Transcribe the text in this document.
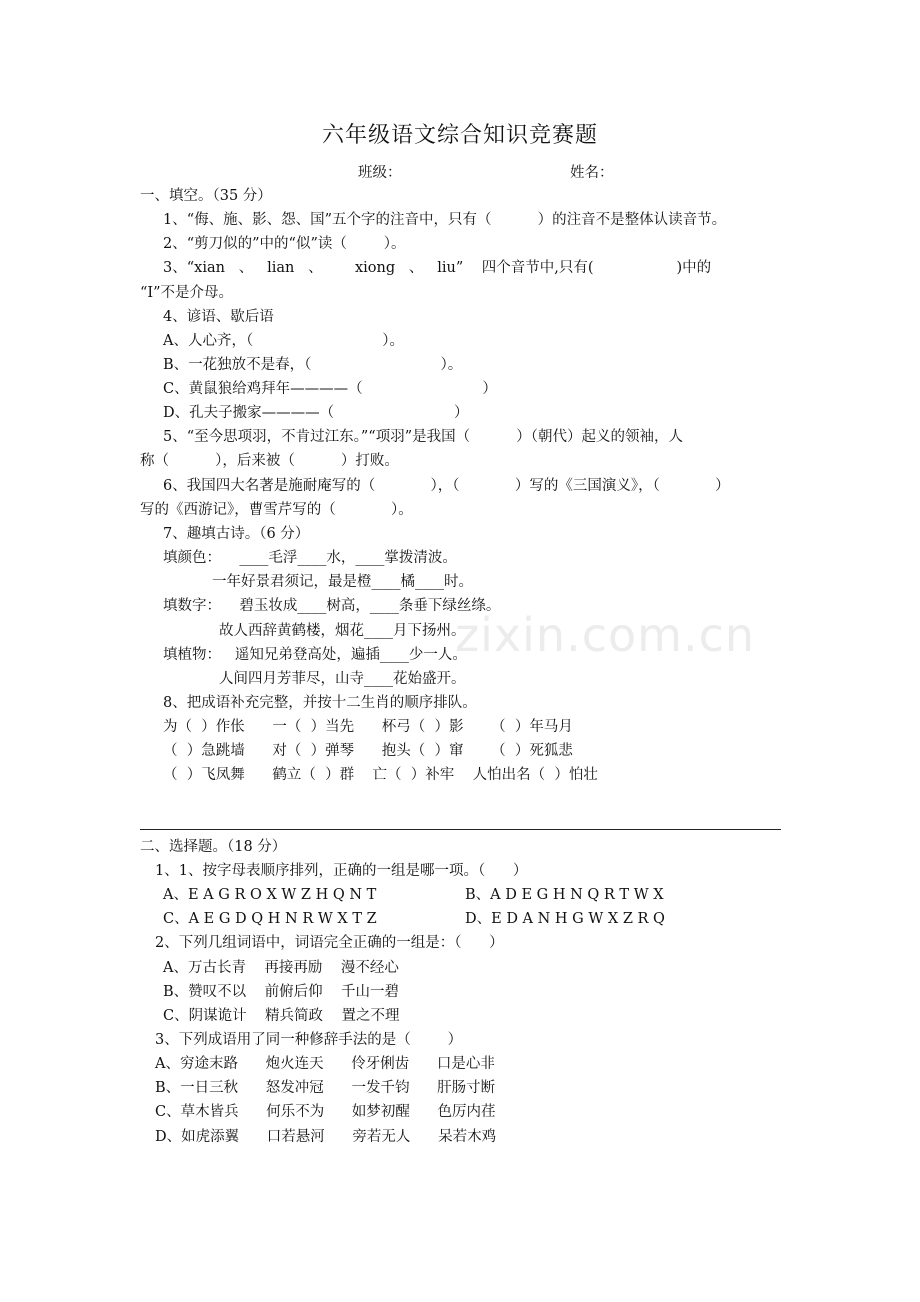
zixin.com.cn
六年级语文综合知识竞赛题
班级：	姓名：
一、填空。（35 分）
1、“侮、施、影、怨、国”五个字的注音中，只有（          ）的注音不是整体认读音节。
2、“剪刀似的”中的“似”读（        ）。
3、“xian   、   lian   、       xiong   、   liu”    四个音节中,只有(                  )中的
“I”不是介母。
4、谚语、歇后语
A、人心齐，（                            ）。
B、一花独放不是春，（                            ）。
C、黄鼠狼给鸡拜年————（                          ）
D、孔夫子搬家————（                          ）
5、“至今思项羽，不肯过江东。”“项羽”是我国（          ）（朝代）起义的领袖，人
称（          ），后来被（          ）打败。
6、我国四大名著是施耐庵写的（            ），（            ）写的《三国演义》，（            ）
写的《西游记》，曹雪芹写的（            ）。
7、趣填古诗。（6 分）
填颜色：    ____毛浮____水，____掌拨清波。
一年好景君须记，最是橙____橘____时。
填数字：    碧玉妆成____树高，____条垂下绿丝绦。
故人西辞黄鹤楼，烟花____月下扬州。
填植物：   遥知兄弟登高处，遍插____少一人。
人间四月芳菲尽，山寺____花始盛开。
8、把成语补充完整，并按十二生肖的顺序排队。
为（  ）作伥      一（  ）当先      杯弓（  ）影      （  ）年马月
（  ）急跳墙      对（  ）弹琴      抱头（  ）窜      （  ）死狐悲
（  ）飞凤舞      鹤立（  ）群    亡（  ）补牢    人怕出名（  ）怕壮
二、选择题。（18 分）
1、1、按字母表顺序排列，正确的一组是哪一项。（      ）
A、E A G R O X W Z H Q N T	B、A D E G H N Q R T W X
C、A E G D Q H N R W X T Z	D、E D A N H G W X Z R Q
2、下列几组词语中，词语完全正确的一组是：（      ）
A、万古长青    再接再励    漫不经心
B、赞叹不以    前俯后仰    千山一碧
C、阴谋诡计    精兵简政    置之不理
3、下列成语用了同一种修辞手法的是（        ）
A、穷途末路      炮火连天      伶牙俐齿      口是心非
B、一日三秋      怒发冲冠      一发千钧      肝肠寸断
C、草木皆兵      何乐不为      如梦初醒      色厉内荏
D、如虎添翼      口若悬河      旁若无人      呆若木鸡
